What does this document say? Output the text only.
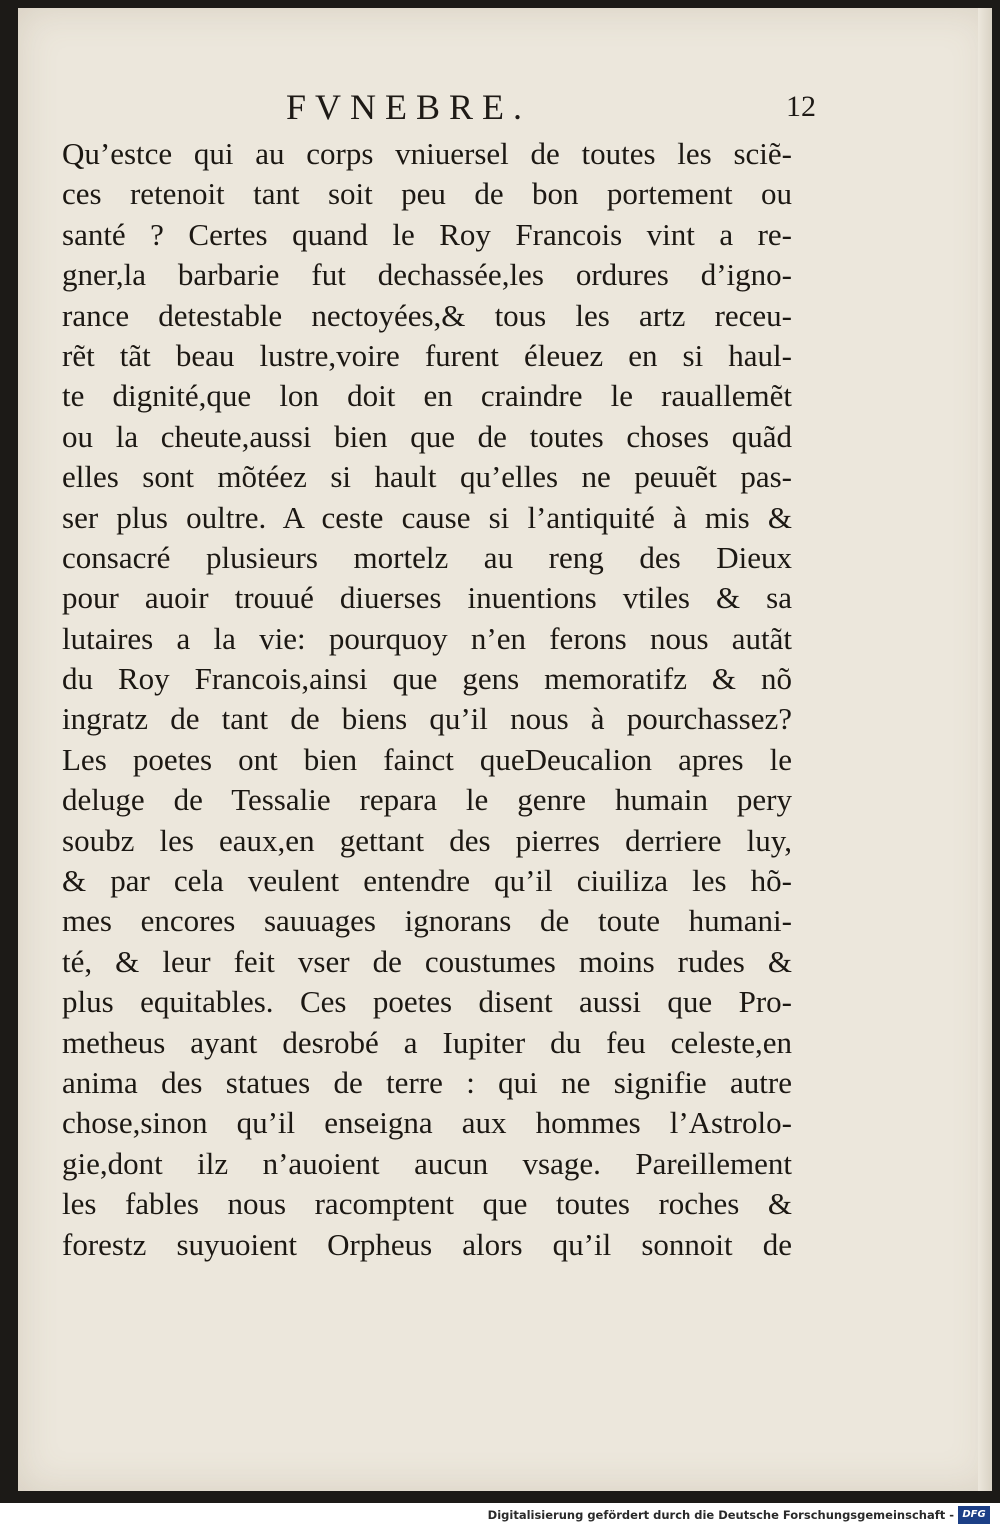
FVNEBRE.	12
Qu’estce qui au corps vniuersel de toutes les sciẽ-
ces retenoit tant soit peu de bon portement ou
santé ? Certes quand le Roy Francois vint a re-
gner,la barbarie fut dechassée,les ordures d’igno-
rance detestable nectoyées,& tous les artz receu-
rẽt tãt beau lustre,voire furent éleuez en si haul-
te dignité,que lon doit en craindre le rauallemẽt
ou la cheute,aussi bien que de toutes choses quãd
elles sont mõtéez si hault qu’elles ne peuuẽt pas-
ser plus oultre. A ceste cause si l’antiquité à mis &
consacré plusieurs mortelz au reng des Dieux
pour auoir trouué diuerses inuentions vtiles & sa
lutaires a la vie: pourquoy n’en ferons nous autãt
du Roy Francois,ainsi que gens memoratifz & nõ
ingratz de tant de biens qu’il nous à pourchassez?
Les poetes ont bien fainct queDeucalion apres le
deluge de Tessalie repara le genre humain pery
soubz les eaux,en gettant des pierres derriere luy,
& par cela veulent entendre qu’il ciuiliza les hõ-
mes encores sauuages ignorans de toute humani-
té, & leur feit vser de coustumes moins rudes &
plus equitables. Ces poetes disent aussi que Pro-
metheus ayant desrobé a Iupiter du feu celeste,en
anima des statues de terre : qui ne signifie autre
chose,sinon qu’il enseigna aux hommes l’Astrolo-
gie,dont ilz n’auoient aucun vsage. Pareillement
les fables nous racomptent que toutes roches &
forestz suyuoient Orpheus alors qu’il sonnoit de
Digitalisierung gefördert durch die Deutsche Forschungsgemeinschaft - DFG
